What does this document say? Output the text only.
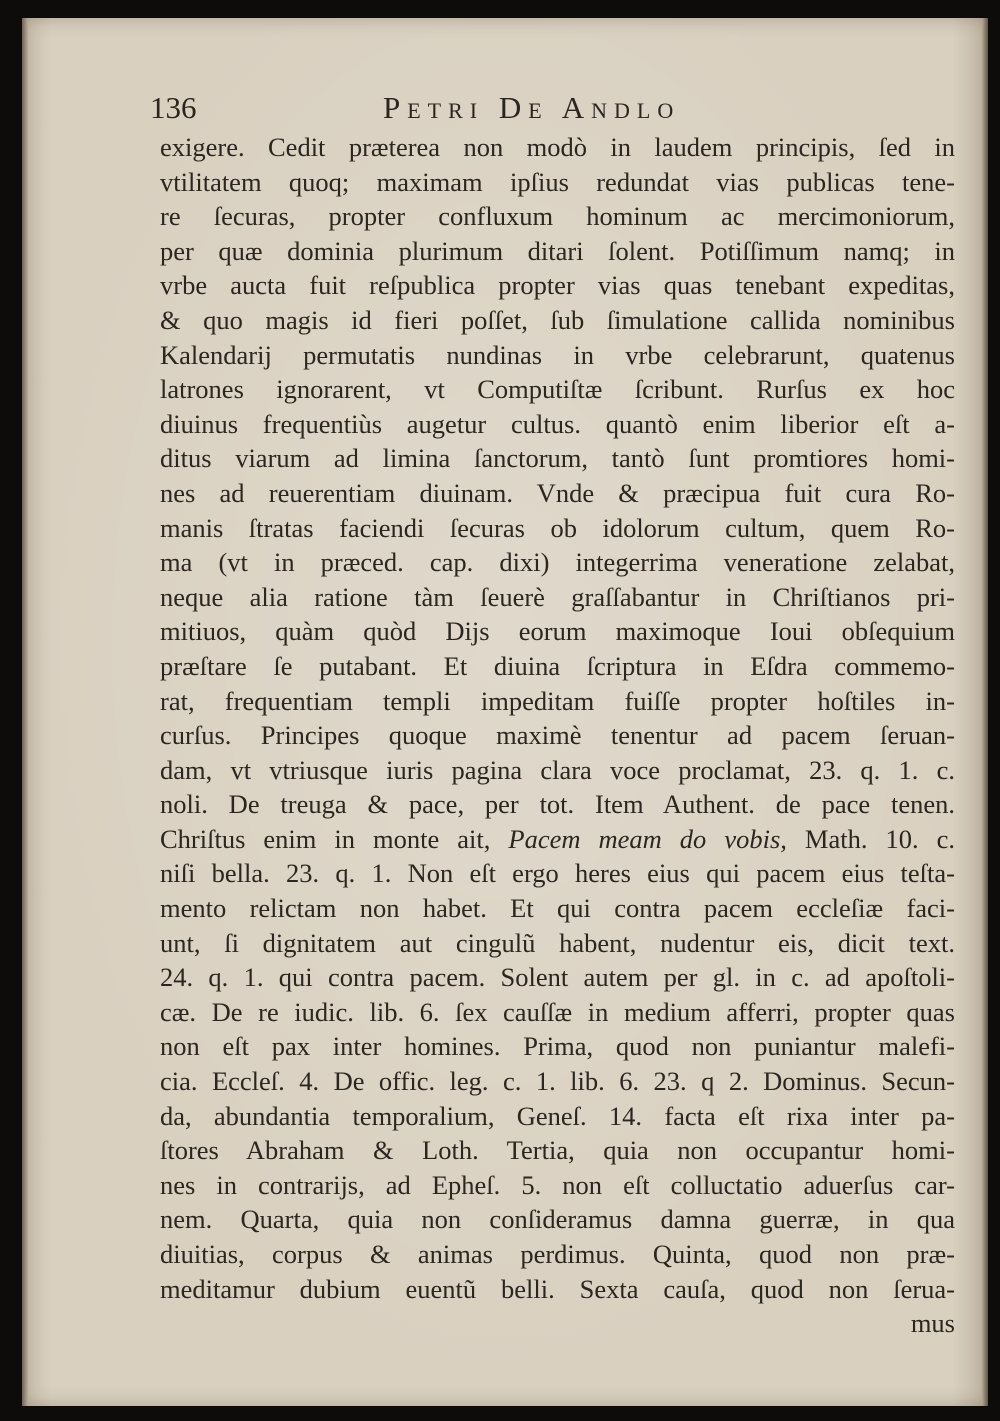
136	Petri De Andlo
exigere. Cedit præterea non modò in laudem principis, ſed in
vtilitatem quoq; maximam ipſius redundat vias publicas tene-
re ſecuras, propter confluxum hominum ac mercimoniorum,
per quæ dominia plurimum ditari ſolent. Potiſſimum namq; in
vrbe aucta fuit reſpublica propter vias quas tenebant expeditas,
& quo magis id fieri poſſet, ſub ſimulatione callida nominibus
Kalendarij permutatis nundinas in vrbe celebrarunt, quatenus
latrones ignorarent, vt Computiſtæ ſcribunt. Rurſus ex hoc
diuinus frequentiùs augetur cultus. quantò enim liberior eſt a-
ditus viarum ad limina ſanctorum, tantò ſunt promtiores homi-
nes ad reuerentiam diuinam. Vnde & præcipua fuit cura Ro-
manis ſtratas faciendi ſecuras ob idolorum cultum, quem Ro-
ma (vt in præced. cap. dixi) integerrima veneratione zelabat,
neque alia ratione tàm ſeuerè graſſabantur in Chriſtianos pri-
mitiuos, quàm quòd Dijs eorum maximoque Ioui obſequium
præſtare ſe putabant. Et diuina ſcriptura in Eſdra commemo-
rat, frequentiam templi impeditam fuiſſe propter hoſtiles in-
curſus. Principes quoque maximè tenentur ad pacem ſeruan-
dam, vt vtriusque iuris pagina clara voce proclamat, 23. q. 1. c.
noli. De treuga & pace, per tot. Item Authent. de pace tenen.
Chriſtus enim in monte ait, Pacem meam do vobis, Math. 10. c.
niſi bella. 23. q. 1. Non eſt ergo heres eius qui pacem eius teſta-
mento relictam non habet. Et qui contra pacem eccleſiæ faci-
unt, ſi dignitatem aut cingulũ habent, nudentur eis, dicit text.
24. q. 1. qui contra pacem. Solent autem per gl. in c. ad apoſtoli-
cæ. De re iudic. lib. 6. ſex cauſſæ in medium afferri, propter quas
non eſt pax inter homines. Prima, quod non puniantur malefi-
cia. Eccleſ. 4. De offic. leg. c. 1. lib. 6. 23. q 2. Dominus. Secun-
da, abundantia temporalium, Geneſ. 14. facta eſt rixa inter pa-
ſtores Abraham & Loth. Tertia, quia non occupantur homi-
nes in contrarijs, ad Epheſ. 5. non eſt colluctatio aduerſus car-
nem. Quarta, quia non conſideramus damna guerræ, in qua
diuitias, corpus & animas perdimus. Quinta, quod non præ-
meditamur dubium euentũ belli. Sexta cauſa, quod non ſerua-
mus
